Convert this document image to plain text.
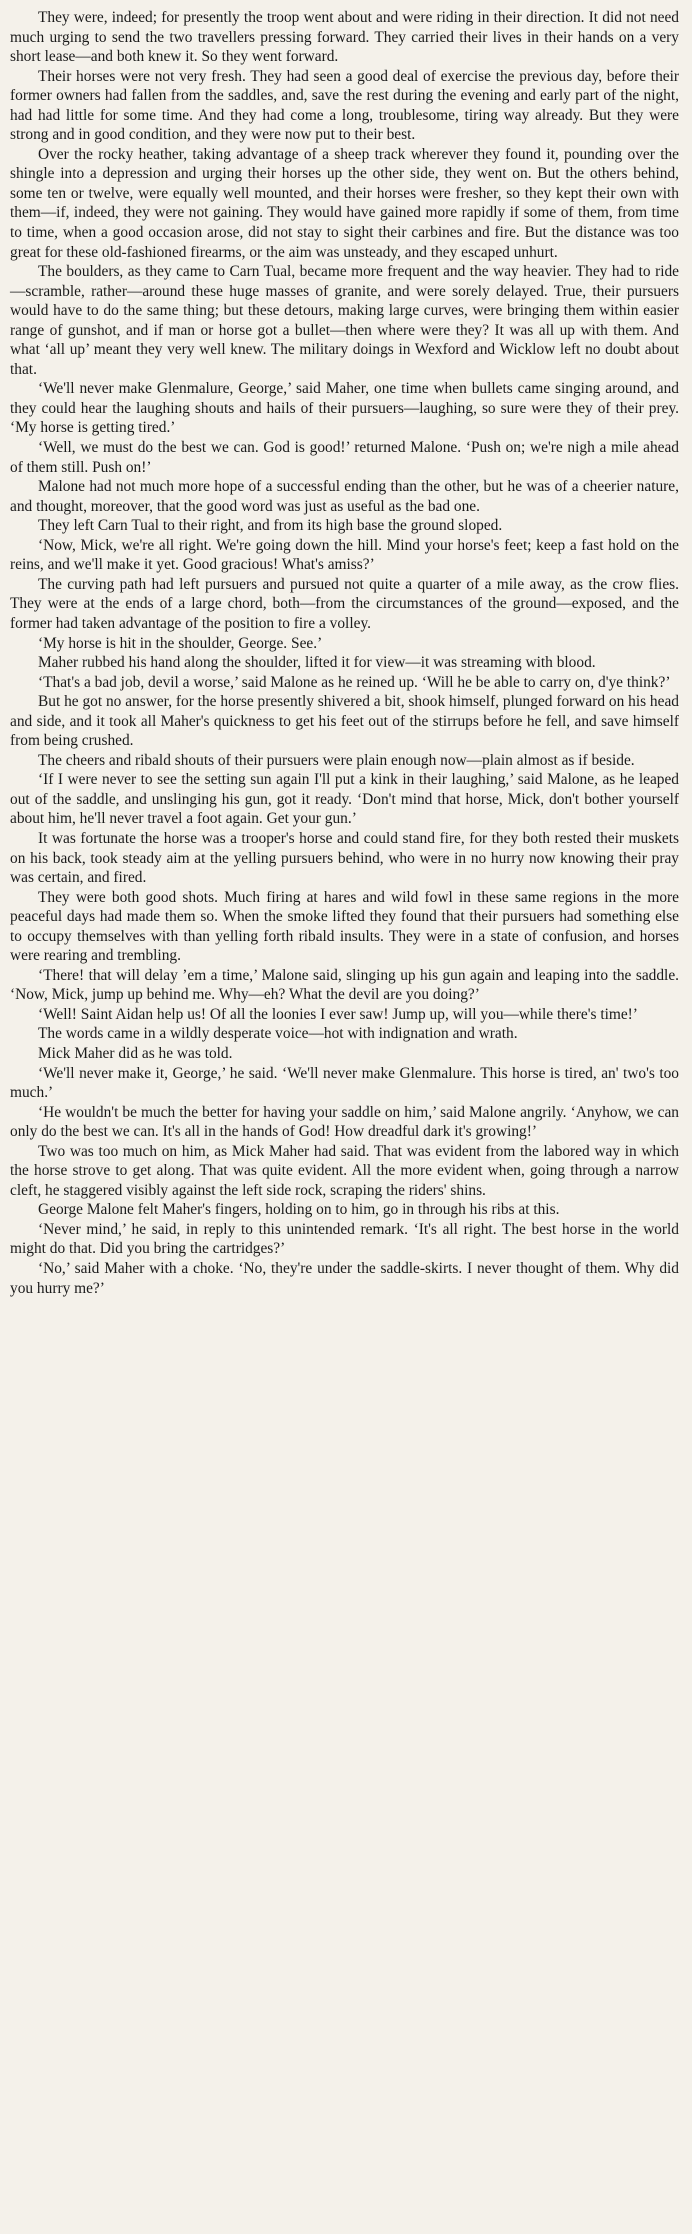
They were, indeed; for presently the troop went about and were riding in their direction. It did not need much urging to send the two travellers pressing forward. They carried their lives in their hands on a very short lease—and both knew it. So they went forward.

Their horses were not very fresh. They had seen a good deal of exercise the previous day, before their former owners had fallen from the saddles, and, save the rest during the evening and early part of the night, had had little for some time. And they had come a long, troublesome, tiring way already. But they were strong and in good condition, and they were now put to their best.

Over the rocky heather, taking advantage of a sheep track wherever they found it, pounding over the shingle into a depression and urging their horses up the other side, they went on. But the others behind, some ten or twelve, were equally well mounted, and their horses were fresher, so they kept their own with them—if, indeed, they were not gaining. They would have gained more rapidly if some of them, from time to time, when a good occasion arose, did not stay to sight their carbines and fire. But the distance was too great for these old-fashioned firearms, or the aim was unsteady, and they escaped unhurt.

The boulders, as they came to Carn Tual, became more frequent and the way heavier. They had to ride—scramble, rather—around these huge masses of granite, and were sorely delayed. True, their pursuers would have to do the same thing; but these detours, making large curves, were bringing them within easier range of gunshot, and if man or horse got a bullet—then where were they? It was all up with them. And what ‘all up’ meant they very well knew. The military doings in Wexford and Wicklow left no doubt about that.

‘We'll never make Glenmalure, George,’ said Maher, one time when bullets came singing around, and they could hear the laughing shouts and hails of their pursuers—laughing, so sure were they of their prey. ‘My horse is getting tired.’

‘Well, we must do the best we can. God is good!’ returned Malone. ‘Push on; we're nigh a mile ahead of them still. Push on!’

Malone had not much more hope of a successful ending than the other, but he was of a cheerier nature, and thought, moreover, that the good word was just as useful as the bad one.

They left Carn Tual to their right, and from its high base the ground sloped.

‘Now, Mick, we're all right. We're going down the hill. Mind your horse's feet; keep a fast hold on the reins, and we'll make it yet. Good gracious! What's amiss?’

The curving path had left pursuers and pursued not quite a quarter of a mile away, as the crow flies. They were at the ends of a large chord, both—from the circumstances of the ground—exposed, and the former had taken advantage of the position to fire a volley.

‘My horse is hit in the shoulder, George. See.’

Maher rubbed his hand along the shoulder, lifted it for view—it was streaming with blood.

‘That's a bad job, devil a worse,’ said Malone as he reined up. ‘Will he be able to carry on, d'ye think?’

But he got no answer, for the horse presently shivered a bit, shook himself, plunged forward on his head and side, and it took all Maher's quickness to get his feet out of the stirrups before he fell, and save himself from being crushed.

The cheers and ribald shouts of their pursuers were plain enough now—plain almost as if beside.

‘If I were never to see the setting sun again I'll put a kink in their laughing,’ said Malone, as he leaped out of the saddle, and unslinging his gun, got it ready. ‘Don't mind that horse, Mick, don't bother yourself about him, he'll never travel a foot again. Get your gun.’

It was fortunate the horse was a trooper's horse and could stand fire, for they both rested their muskets on his back, took steady aim at the yelling pursuers behind, who were in no hurry now knowing their pray was certain, and fired.

They were both good shots. Much firing at hares and wild fowl in these same regions in the more peaceful days had made them so. When the smoke lifted they found that their pursuers had something else to occupy themselves with than yelling forth ribald insults. They were in a state of confusion, and horses were rearing and trembling.

‘There! that will delay ’em a time,’ Malone said, slinging up his gun again and leaping into the saddle. ‘Now, Mick, jump up behind me. Why—eh? What the devil are you doing?’

‘Well! Saint Aidan help us! Of all the loonies I ever saw! Jump up, will you—while there's time!’

The words came in a wildly desperate voice—hot with indignation and wrath.

Mick Maher did as he was told.

‘We'll never make it, George,’ he said. ‘We'll never make Glenmalure. This horse is tired, an' two's too much.’

‘He wouldn't be much the better for having your saddle on him,’ said Malone angrily. ‘Anyhow, we can only do the best we can. It's all in the hands of God! How dreadful dark it's growing!’

Two was too much on him, as Mick Maher had said. That was evident from the labored way in which the horse strove to get along. That was quite evident. All the more evident when, going through a narrow cleft, he staggered visibly against the left side rock, scraping the riders' shins.

George Malone felt Maher's fingers, holding on to him, go in through his ribs at this.

‘Never mind,’ he said, in reply to this unintended remark. ‘It's all right. The best horse in the world might do that. Did you bring the cartridges?’

‘No,’ said Maher with a choke. ‘No, they're under the saddle-skirts. I never thought of them. Why did you hurry me?’
